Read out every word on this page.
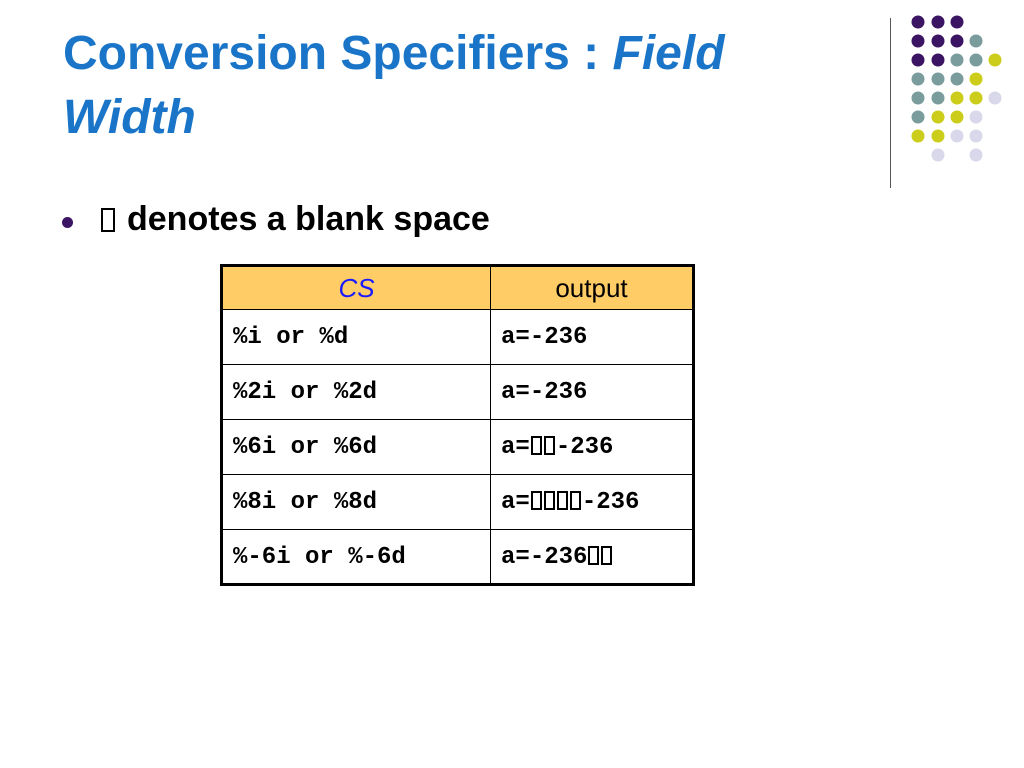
Conversion Specifiers : Field Width
denotes a blank space
CS	output
%i or %d	a=-236
%2i or %2d	a=-236
%6i or %6d	a= -236
%8i or %8d	a= -236
%-6i or %-6d	a=-236
